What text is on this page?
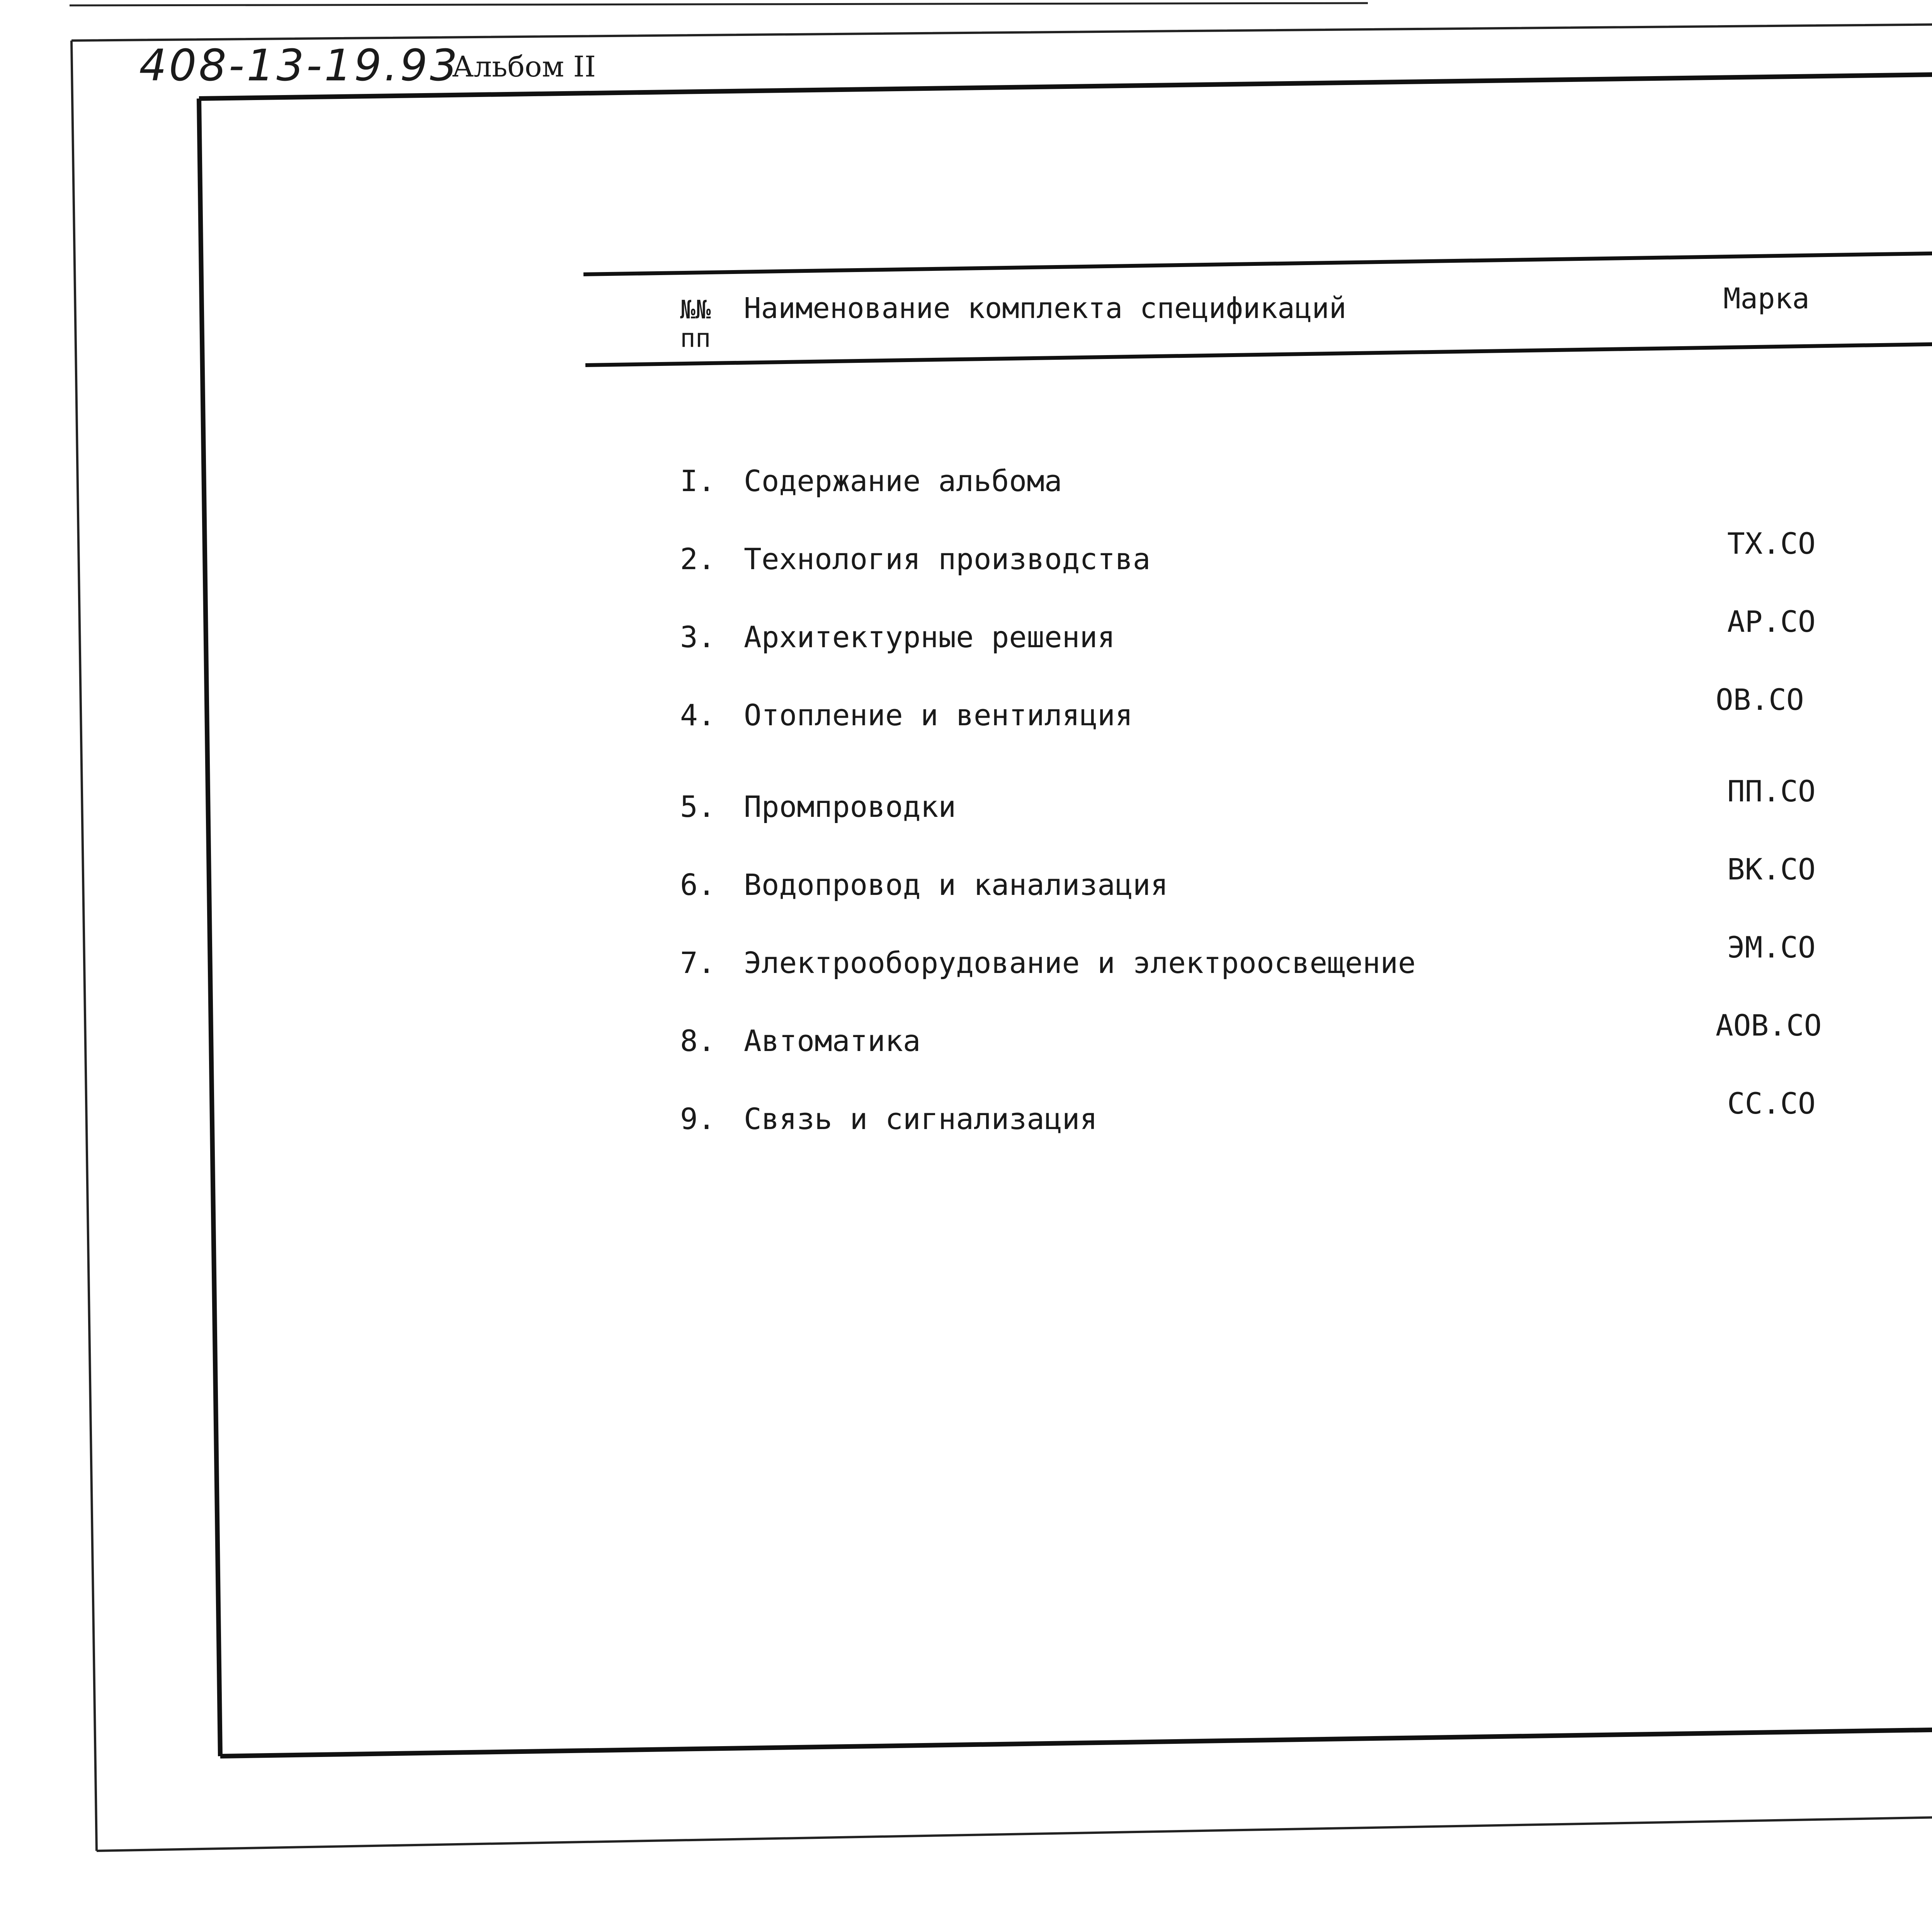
408-13-19.93
Альбом II
№№
пп
Наименование комплекта спецификаций	Марка
I. Содержание альбома
2. Технология производства	ТХ.СО
3. Архитектурные решения	АР.СО
4. Отопление и вентиляция	ОВ.СО
5. Промпроводки	ПП.СО
6. Водопровод и канализация	ВК.СО
7. Электрооборудование и электроосвещение	ЭМ.СО
8. Автоматика	АОВ.СО
9. Связь и сигнализация	СС.СО
